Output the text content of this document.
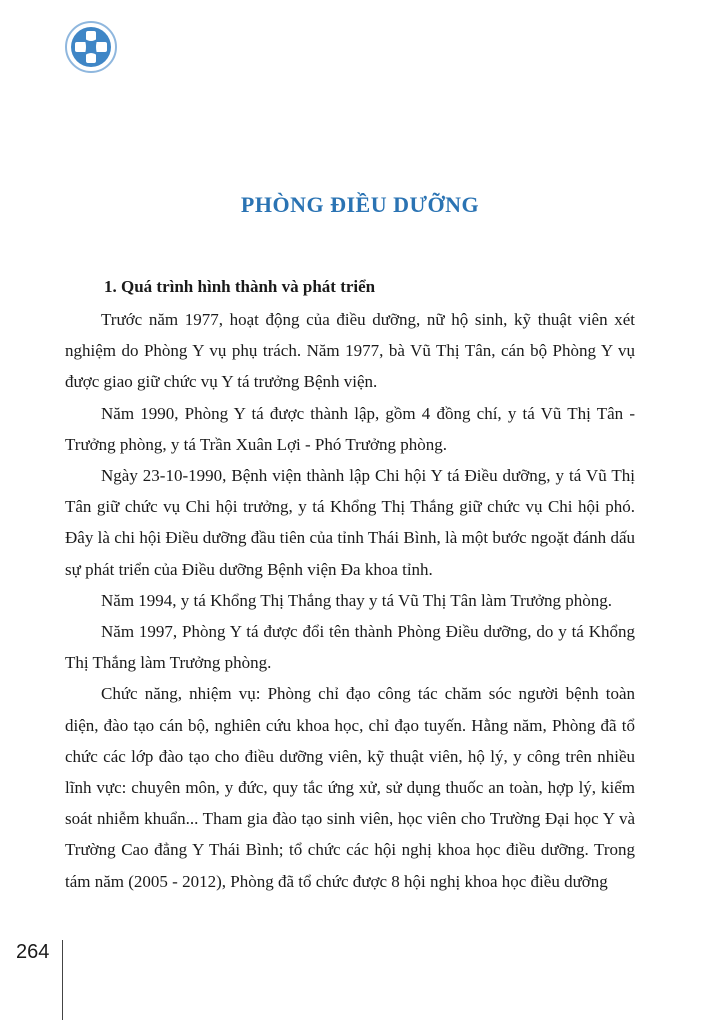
PHÒNG ĐIỀU DƯỠNG
1. Quá trình hình thành và phát triển

Trước năm 1977, hoạt động của điều dưỡng, nữ hộ sinh, kỹ thuật viên xét nghiệm do Phòng Y vụ phụ trách. Năm 1977, bà Vũ Thị Tân, cán bộ Phòng Y vụ được giao giữ chức vụ Y tá trưởng Bệnh viện.

Năm 1990, Phòng Y tá được thành lập, gồm 4 đồng chí, y tá Vũ Thị Tân - Trưởng phòng, y tá Trần Xuân Lợi - Phó Trưởng phòng.

Ngày 23-10-1990, Bệnh viện thành lập Chi hội Y tá Điều dưỡng, y tá Vũ Thị Tân giữ chức vụ Chi hội trưởng, y tá Khổng Thị Thắng giữ chức vụ Chi hội phó. Đây là chi hội Điều dưỡng đầu tiên của tỉnh Thái Bình, là một bước ngoặt đánh dấu sự phát triển của Điều dưỡng Bệnh viện Đa khoa tỉnh.

Năm 1994, y tá Khổng Thị Thắng thay y tá Vũ Thị Tân làm Trưởng phòng.

Năm 1997, Phòng Y tá được đổi tên thành Phòng Điều dưỡng, do y tá Khổng Thị Thắng làm Trưởng phòng.

Chức năng, nhiệm vụ: Phòng chỉ đạo công tác chăm sóc người bệnh toàn diện, đào tạo cán bộ, nghiên cứu khoa học, chỉ đạo tuyến. Hằng năm, Phòng đã tổ chức các lớp đào tạo cho điều dưỡng viên, kỹ thuật viên, hộ lý, y công trên nhiều lĩnh vực: chuyên môn, y đức, quy tắc ứng xử, sử dụng thuốc an toàn, hợp lý, kiểm soát nhiễm khuẩn... Tham gia đào tạo sinh viên, học viên cho Trường Đại học Y và Trường Cao đẳng Y Thái Bình; tổ chức các hội nghị khoa học điều dưỡng. Trong tám năm (2005 - 2012), Phòng đã tổ chức được 8 hội nghị khoa học điều dưỡng

264
